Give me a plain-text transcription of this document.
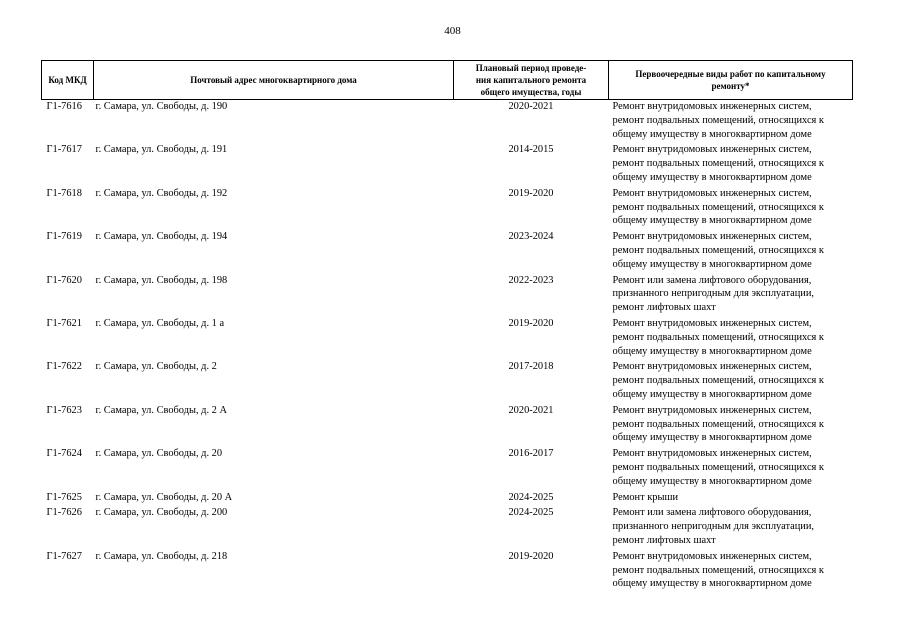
408
Код МКД	Почтовый адрес многоквартирного дома	Плановый период проведе-
ния капитального ремонта
общего имущества, годы	Первоочередные виды работ по капитальному
ремонту*
Г1-7616	г. Самара, ул. Свободы, д. 190	2020-2021	Ремонт внутридомовых инженерных систем,
ремонт подвальных помещений, относящихся к
общему имуществу в многоквартирном доме

Г1-7617	г. Самара, ул. Свободы, д. 191	2014-2015	Ремонт внутридомовых инженерных систем,
ремонт подвальных помещений, относящихся к
общему имуществу в многоквартирном доме

Г1-7618	г. Самара, ул. Свободы, д. 192	2019-2020	Ремонт внутридомовых инженерных систем,
ремонт подвальных помещений, относящихся к
общему имуществу в многоквартирном доме

Г1-7619	г. Самара, ул. Свободы, д. 194	2023-2024	Ремонт внутридомовых инженерных систем,
ремонт подвальных помещений, относящихся к
общему имуществу в многоквартирном доме

Г1-7620	г. Самара, ул. Свободы, д. 198	2022-2023	Ремонт или замена лифтового оборудования,
признанного непригодным для эксплуатации,
ремонт лифтовых шахт

Г1-7621	г. Самара, ул. Свободы, д. 1 а	2019-2020	Ремонт внутридомовых инженерных систем,
ремонт подвальных помещений, относящихся к
общему имуществу в многоквартирном доме

Г1-7622	г. Самара, ул. Свободы, д. 2	2017-2018	Ремонт внутридомовых инженерных систем,
ремонт подвальных помещений, относящихся к
общему имуществу в многоквартирном доме

Г1-7623	г. Самара, ул. Свободы, д. 2 А	2020-2021	Ремонт внутридомовых инженерных систем,
ремонт подвальных помещений, относящихся к
общему имуществу в многоквартирном доме

Г1-7624	г. Самара, ул. Свободы, д. 20	2016-2017	Ремонт внутридомовых инженерных систем,
ремонт подвальных помещений, относящихся к
общему имуществу в многоквартирном доме

Г1-7625	г. Самара, ул. Свободы, д. 20 А	2024-2025	Ремонт крыши

Г1-7626	г. Самара, ул. Свободы, д. 200	2024-2025	Ремонт или замена лифтового оборудования,
признанного непригодным для эксплуатации,
ремонт лифтовых шахт

Г1-7627	г. Самара, ул. Свободы, д. 218	2019-2020	Ремонт внутридомовых инженерных систем,
ремонт подвальных помещений, относящихся к
общему имуществу в многоквартирном доме
